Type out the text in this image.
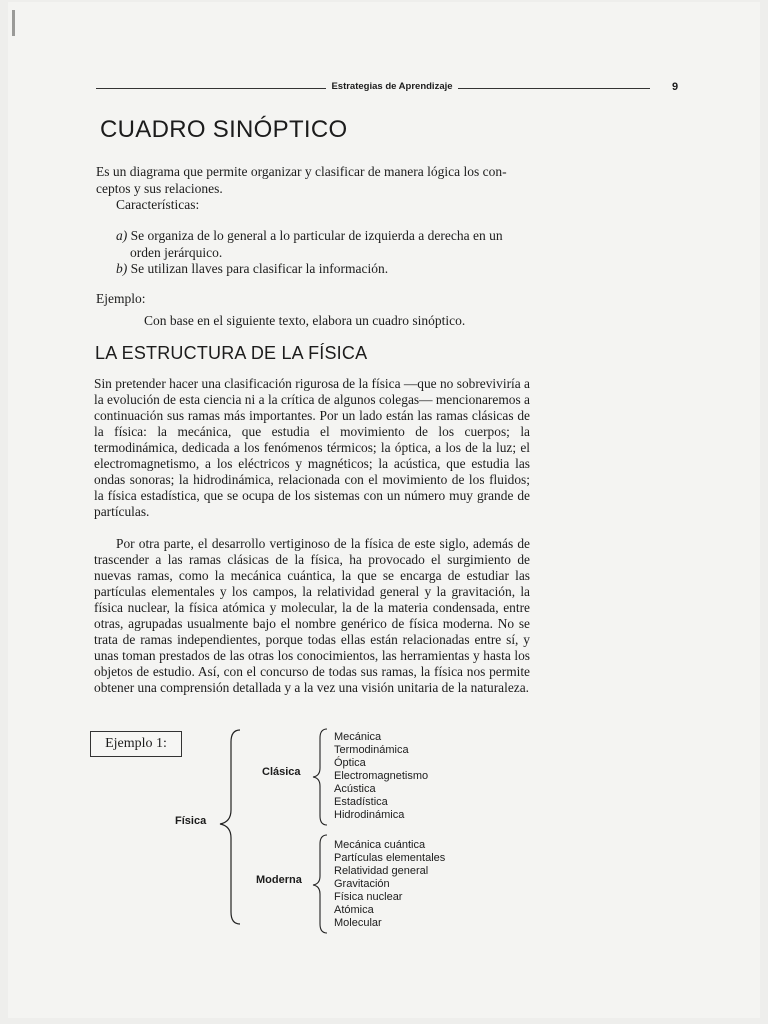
Estrategias de Aprendizaje	9
CUADRO SINÓPTICO
Es un diagrama que permite organizar y clasificar de manera lógica los con-
ceptos y sus relaciones.
Características:
a) Se organiza de lo general a lo particular de izquierda a derecha en un
orden jerárquico.
b) Se utilizan llaves para clasificar la información.
Ejemplo:
Con base en el siguiente texto, elabora un cuadro sinóptico.
LA ESTRUCTURA DE LA FÍSICA

Sin pretender hacer una clasificación rigurosa de la física —que no sobreviviría a la evolución de esta ciencia ni a la crítica de algunos colegas— mencionaremos a continuación sus ramas más importantes. Por un lado están las ramas clásicas de la física: la mecánica, que estudia el movimiento de los cuerpos; la termodinámica, dedicada a los fenómenos térmicos; la óptica, a los de la luz; el electromagnetismo, a los eléctricos y magnéticos; la acústica, que estudia las ondas sonoras; la hidrodinámica, relacionada con el movimiento de los fluidos; la física estadística, que se ocupa de los sistemas con un número muy grande de partículas.

Por otra parte, el desarrollo vertiginoso de la física de este siglo, además de trascender a las ramas clásicas de la física, ha provocado el surgimiento de nuevas ramas, como la mecánica cuántica, la que se encarga de estudiar las partículas elementales y los campos, la relatividad general y la gravitación, la física nuclear, la física atómica y molecular, la de la materia condensada, entre otras, agrupadas usualmente bajo el nombre genérico de física moderna. No se trata de ramas independientes, porque todas ellas están relacionadas entre sí, y unas toman prestados de las otras los conocimientos, las herramientas y hasta los objetos de estudio. Así, con el concurso de todas sus ramas, la física nos permite obtener una comprensión detallada y a la vez una visión unitaria de la naturaleza.

Ejemplo 1:
Física
Clásica
Moderna
Mecánica
Termodinámica
Óptica
Electromagnetismo
Acústica
Estadística
Hidrodinámica
Mecánica cuántica
Partículas elementales
Relatividad general
Gravitación
Física nuclear
Atómica
Molecular
